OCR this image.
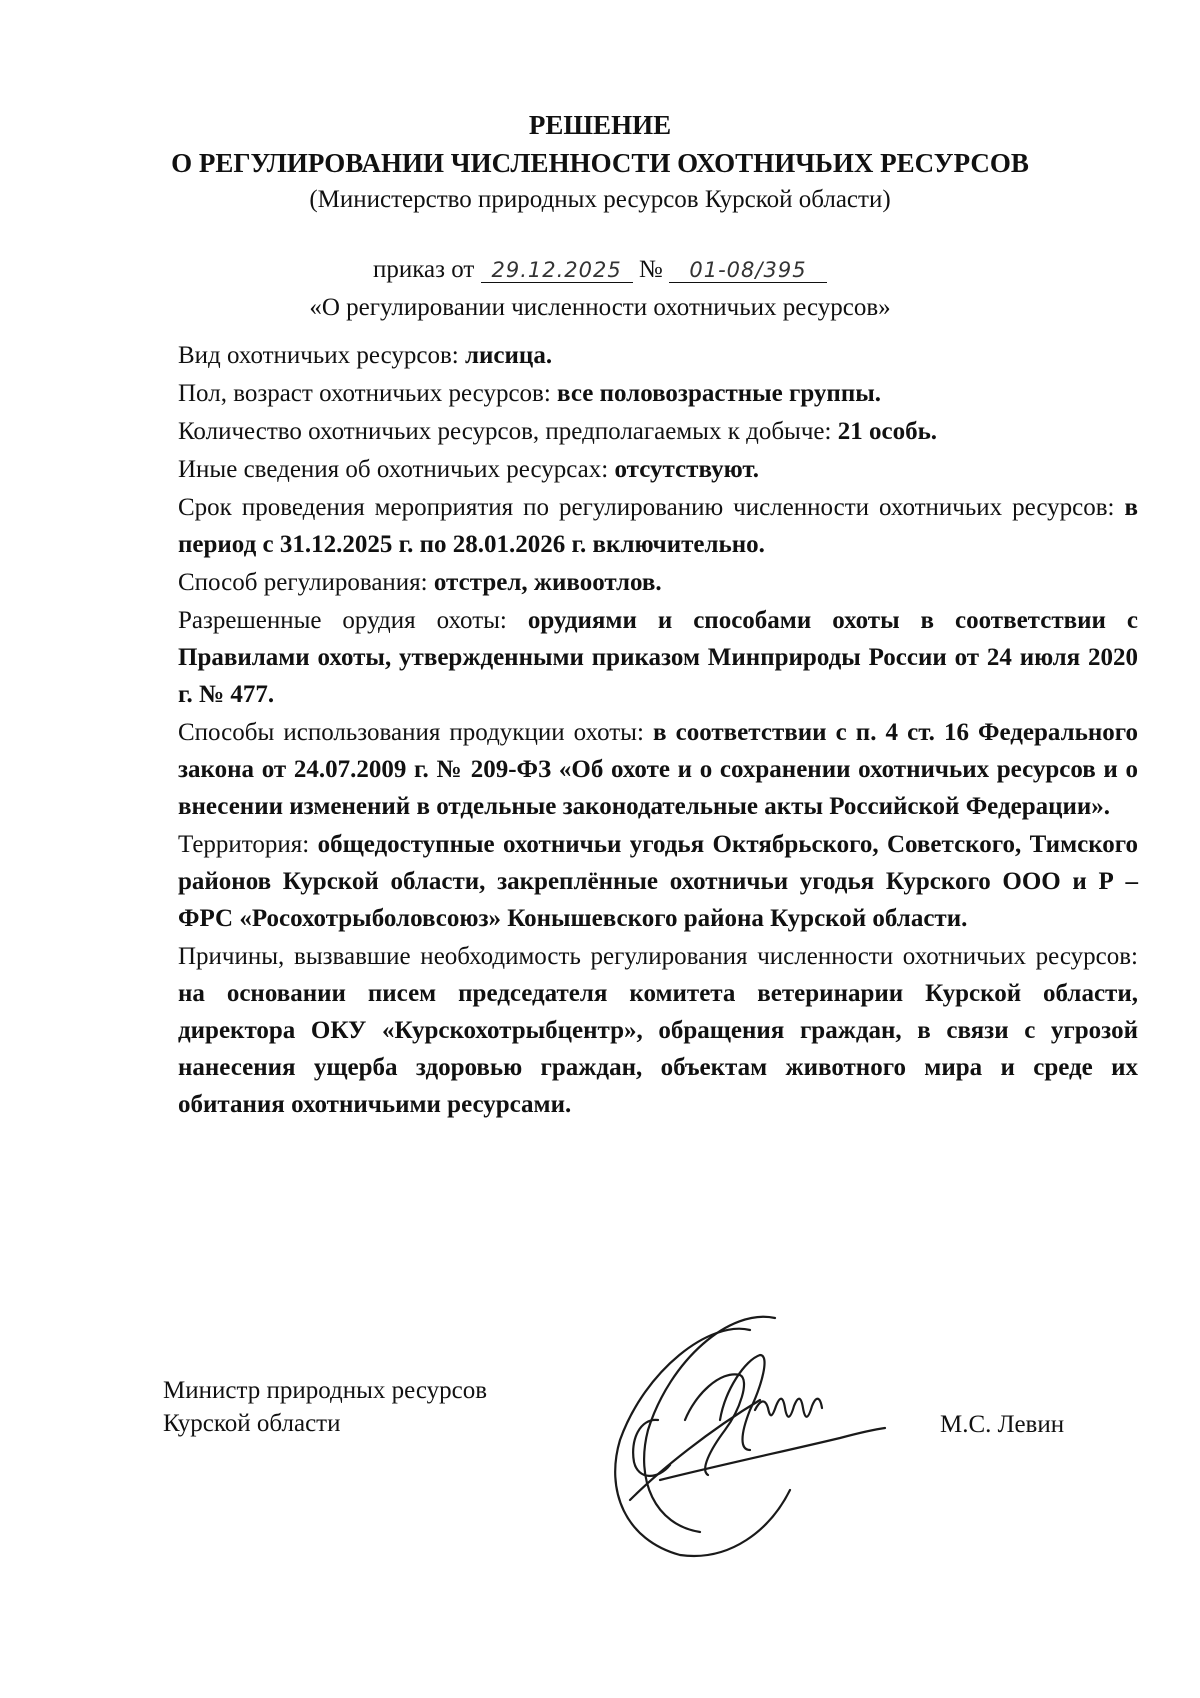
РЕШЕНИЕ
О РЕГУЛИРОВАНИИ ЧИСЛЕННОСТИ ОХОТНИЧЬИХ РЕСУРСОВ
(Министерство природных ресурсов Курской области)
приказ от 29.12.2025 № 01-08/395
«О регулировании численности охотничьих ресурсов»

Вид охотничьих ресурсов: лисица.

Пол, возраст охотничьих ресурсов: все половозрастные группы.

Количество охотничьих ресурсов, предполагаемых к добыче: 21 особь.

Иные сведения об охотничьих ресурсах: отсутствуют.

Срок проведения мероприятия по регулированию численности охотничьих ресурсов: в период с 31.12.2025 г. по 28.01.2026 г. включительно.

Способ регулирования: отстрел, живоотлов.

Разрешенные орудия охоты: орудиями и способами охоты в соответствии с Правилами охоты, утвержденными приказом Минприроды России от 24 июля 2020 г. № 477.

Способы использования продукции охоты: в соответствии с п. 4 ст. 16 Федерального закона от 24.07.2009 г. № 209-ФЗ «Об охоте и о сохранении охотничьих ресурсов и о внесении изменений в отдельные законодательные акты Российской Федерации».

Территория: общедоступные охотничьи угодья Октябрьского, Советского, Тимского районов Курской области, закреплённые охотничьи угодья Курского ООО и Р – ФРС «Росохотрыболовсоюз» Конышевского района Курской области.

Причины, вызвавшие необходимость регулирования численности охотничьих ресурсов: на основании писем председателя комитета ветеринарии Курской области, директора ОКУ «Курскохотрыбцентр», обращения граждан, в связи с угрозой нанесения ущерба здоровью граждан, объектам животного мира и среде их обитания охотничьими ресурсами.

Министр природных ресурсов
Курской области	М.С. Левин
